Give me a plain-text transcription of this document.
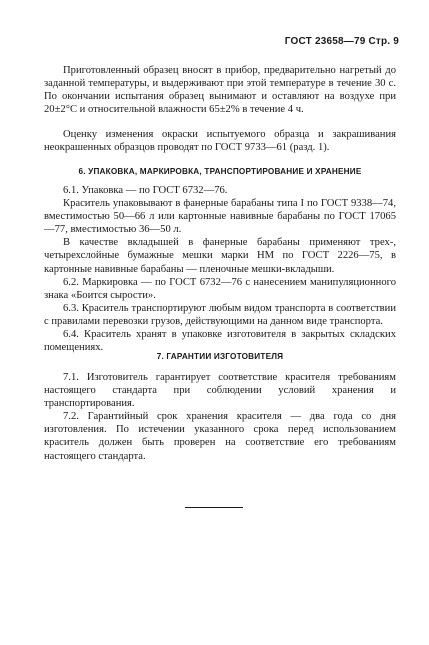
ГОСТ 23658—79 Стр. 9

Приготовленный образец вносят в прибор, предварительно нагретый до заданной температуры, и выдерживают при этой температуре в течение 30 с. По окончании испытания образец вынимают и оставляют на воздухе при 20±2°С и относительной влажности 65±2% в течение 4 ч.

Оценку изменения окраски испытуемого образца и закрашивания неокрашенных образцов проводят по ГОСТ 9733—61 (разд. 1).

6. УПАКОВКА, МАРКИРОВКА, ТРАНСПОРТИРОВАНИЕ И ХРАНЕНИЕ

6.1. Упаковка — по ГОСТ 6732—76.

Краситель упаковывают в фанерные барабаны типа I по ГОСТ 9338—74, вместимостью 50—66 л или картонные навивные барабаны по ГОСТ 17065—77, вместимостью 36—50 л.

В качестве вкладышей в фанерные барабаны применяют трех-, четырехслойные бумажные мешки марки НМ по ГОСТ 2226—75, в картонные навивные барабаны — пленочные мешки-вкладыши.

6.2. Маркировка — по ГОСТ 6732—76 с нанесением манипуляционного знака «Боится сырости».

6.3. Краситель транспортируют любым видом транспорта в соответствии с правилами перевозки грузов, действующими на данном виде транспорта.

6.4. Краситель хранят в упаковке изготовителя в закрытых складских помещениях.

7. ГАРАНТИИ ИЗГОТОВИТЕЛЯ

7.1. Изготовитель гарантирует соответствие красителя требованиям настоящего стандарта при соблюдении условий хранения и транспортирования.

7.2. Гарантийный срок хранения красителя — два года со дня изготовления. По истечении указанного срока перед использованием краситель должен быть проверен на соответствие его требованиям настоящего стандарта.
